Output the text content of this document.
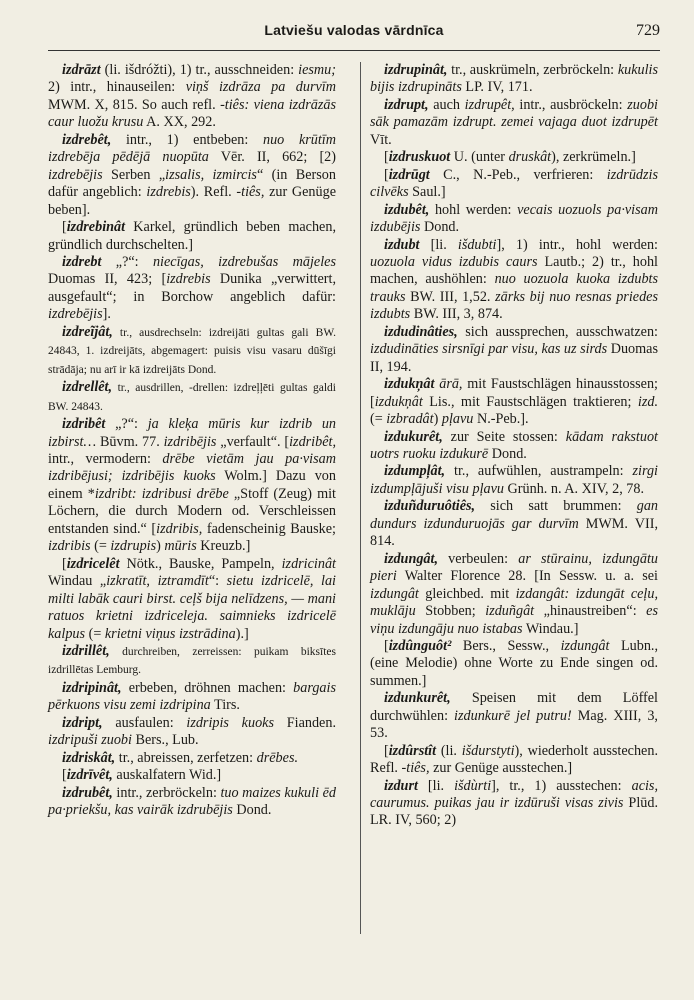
Latviešu valodas vārdnīca	729

izdrāzt (li. išdróžti), 1) tr., ausschneiden: iesmu; 2) intr., hinauseilen: viņš izdrāza pa durvīm MWM. X, 815. So auch refl. -tiês: viena izdrāzās caur luožu krusu A. XX, 292.

izdrebêt, intr., 1) entbeben: nuo krūtīm izdrebēja pēdējā nuopūta Vēr. II, 662; [2) izdrebējis Serben „izsalis, izmircis“ (in Berson dafür angeblich: izdrebis). Refl. -tiês, zur Genüge beben].

[izdrebinât Karkel, gründlich beben machen, gründlich durchschelten.]

izdrebt „?“: niecīgas, izdrebušas mājeles Duomas II, 423; [izdrebis Dunika „verwittert, ausgefault“; in Borchow angeblich dafür: izdrebējis].

izdreĩjât, tr., ausdrechseln: izdreijāti gultas gali BW. 24843, 1. izdreijāts, abgemagert: puisis visu vasaru dūšīgi strādāja; nu arī ir kā izdreijāts Dond.

izdrellêt, tr., ausdrillen, -drellen: izdreļļēti gultas galdi BW. 24843.

izdribêt „?“: ja kleķa mūris kur izdrib un izbirst… Būvm. 77. izdribējis „verfault“. [izdribêt, intr., vermodern: drēbe vietām jau pa·visam izdribējusi; izdribējis kuoks Wolm.] Dazu von einem *izdribt: izdribusi drēbe „Stoff (Zeug) mit Löchern, die durch Modern od. Verschleissen entstanden sind.“ [izdribis, fadenscheinig Bauske; izdribis (= izdrupis) mūris Kreuzb.]

[izdricelêt Nötk., Bauske, Pampeln, izdricinât Windau „izkratīt, iztramdīt“: sietu izdricelē, lai milti labāk cauri birst. ceļš bija nelīdzens, — mani ratuos krietni izdriceleja. saimnieks izdricelē kalpus (= krietni viņus izstrādina).]

izdrillêt, durchreiben, zerreissen: puikam biksītes izdrillētas Lemburg.

izdripinât, erbeben, dröhnen machen: bargais pērkuons visu zemi izdripina Tirs.

izdript, ausfaulen: izdripis kuoks Fianden. izdripuši zuobi Bers., Lub.

izdriskât, tr., abreissen, zerfetzen: drēbes.

[izdrīvêt, auskalfatern Wid.]

izdrubêt, intr., zerbröckeln: tuo maizes kukuli ēd pa·priekšu, kas vairāk izdrubējis Dond.

izdrupinât, tr., auskrümeln, zerbröckeln: kukulis bijis izdrupināts LP. IV, 171.

izdrupt, auch izdrupêt, intr., ausbröckeln: zuobi sāk pamazām izdrupt. zemei vajaga duot izdrupēt Vīt.

[izdruskuot U. (unter druskât), zerkrümeln.]

[izdrūgt C., N.-Peb., verfrieren: izdrūdzis cilvēks Saul.]

izdubêt, hohl werden: vecais uozuols pa·visam izdubējis Dond.

izdubt [li. išdubti], 1) intr., hohl werden: uozuola vidus izdubis caurs Lautb.; 2) tr., hohl machen, aushöhlen: nuo uozuola kuoka izdubts trauks BW. III, 1,52. zārks bij nuo resnas priedes izdubts BW. III, 3, 874.

izdudinâties, sich aussprechen, ausschwatzen: izdudināties sirsnīgi par visu, kas uz sirds Duomas II, 194.

izdukņât ārā, mit Faustschlägen hinausstossen; [izdukņât Lis., mit Faustschlägen traktieren; izd. (= izbradât) pļavu N.-Peb.].

izdukurêt, zur Seite stossen: kādam rakstuot uotrs ruoku izdukurē Dond.

izdumpļât, tr., aufwühlen, austrampeln: zirgi izdumpļājuši visu pļavu Grünh. n. A. XIV, 2, 78.

izduñduruôtiês, sich satt brummen: gan dundurs izdunduruojās gar durvīm MWM. VII, 814.

izdungât, verbeulen: ar stūrainu, izdungātu pieri Walter Florence 28. [In Sessw. u. a. sei izdungât gleichbed. mit izdangât: izdungāt ceļu, muklāju Stobben; izduñgât „hinaustreiben“: es viņu izdungāju nuo istabas Windau.]

[izdûnguôt² Bers., Sessw., izdungât Lubn., (eine Melodie) ohne Worte zu Ende singen od. summen.]

izdunkurêt, Speisen mit dem Löffel durchwühlen: izdunkurē jel putru! Mag. XIII, 3, 53.

[izdûrstît (li. išdurstyti), wiederholt ausstechen. Refl. -tiês, zur Genüge ausstechen.]

izdurt [li. išdùrti], tr., 1) ausstechen: acis, caurumus. puikas jau ir izdūruši visas zivis Plūd. LR. IV, 560; 2)
